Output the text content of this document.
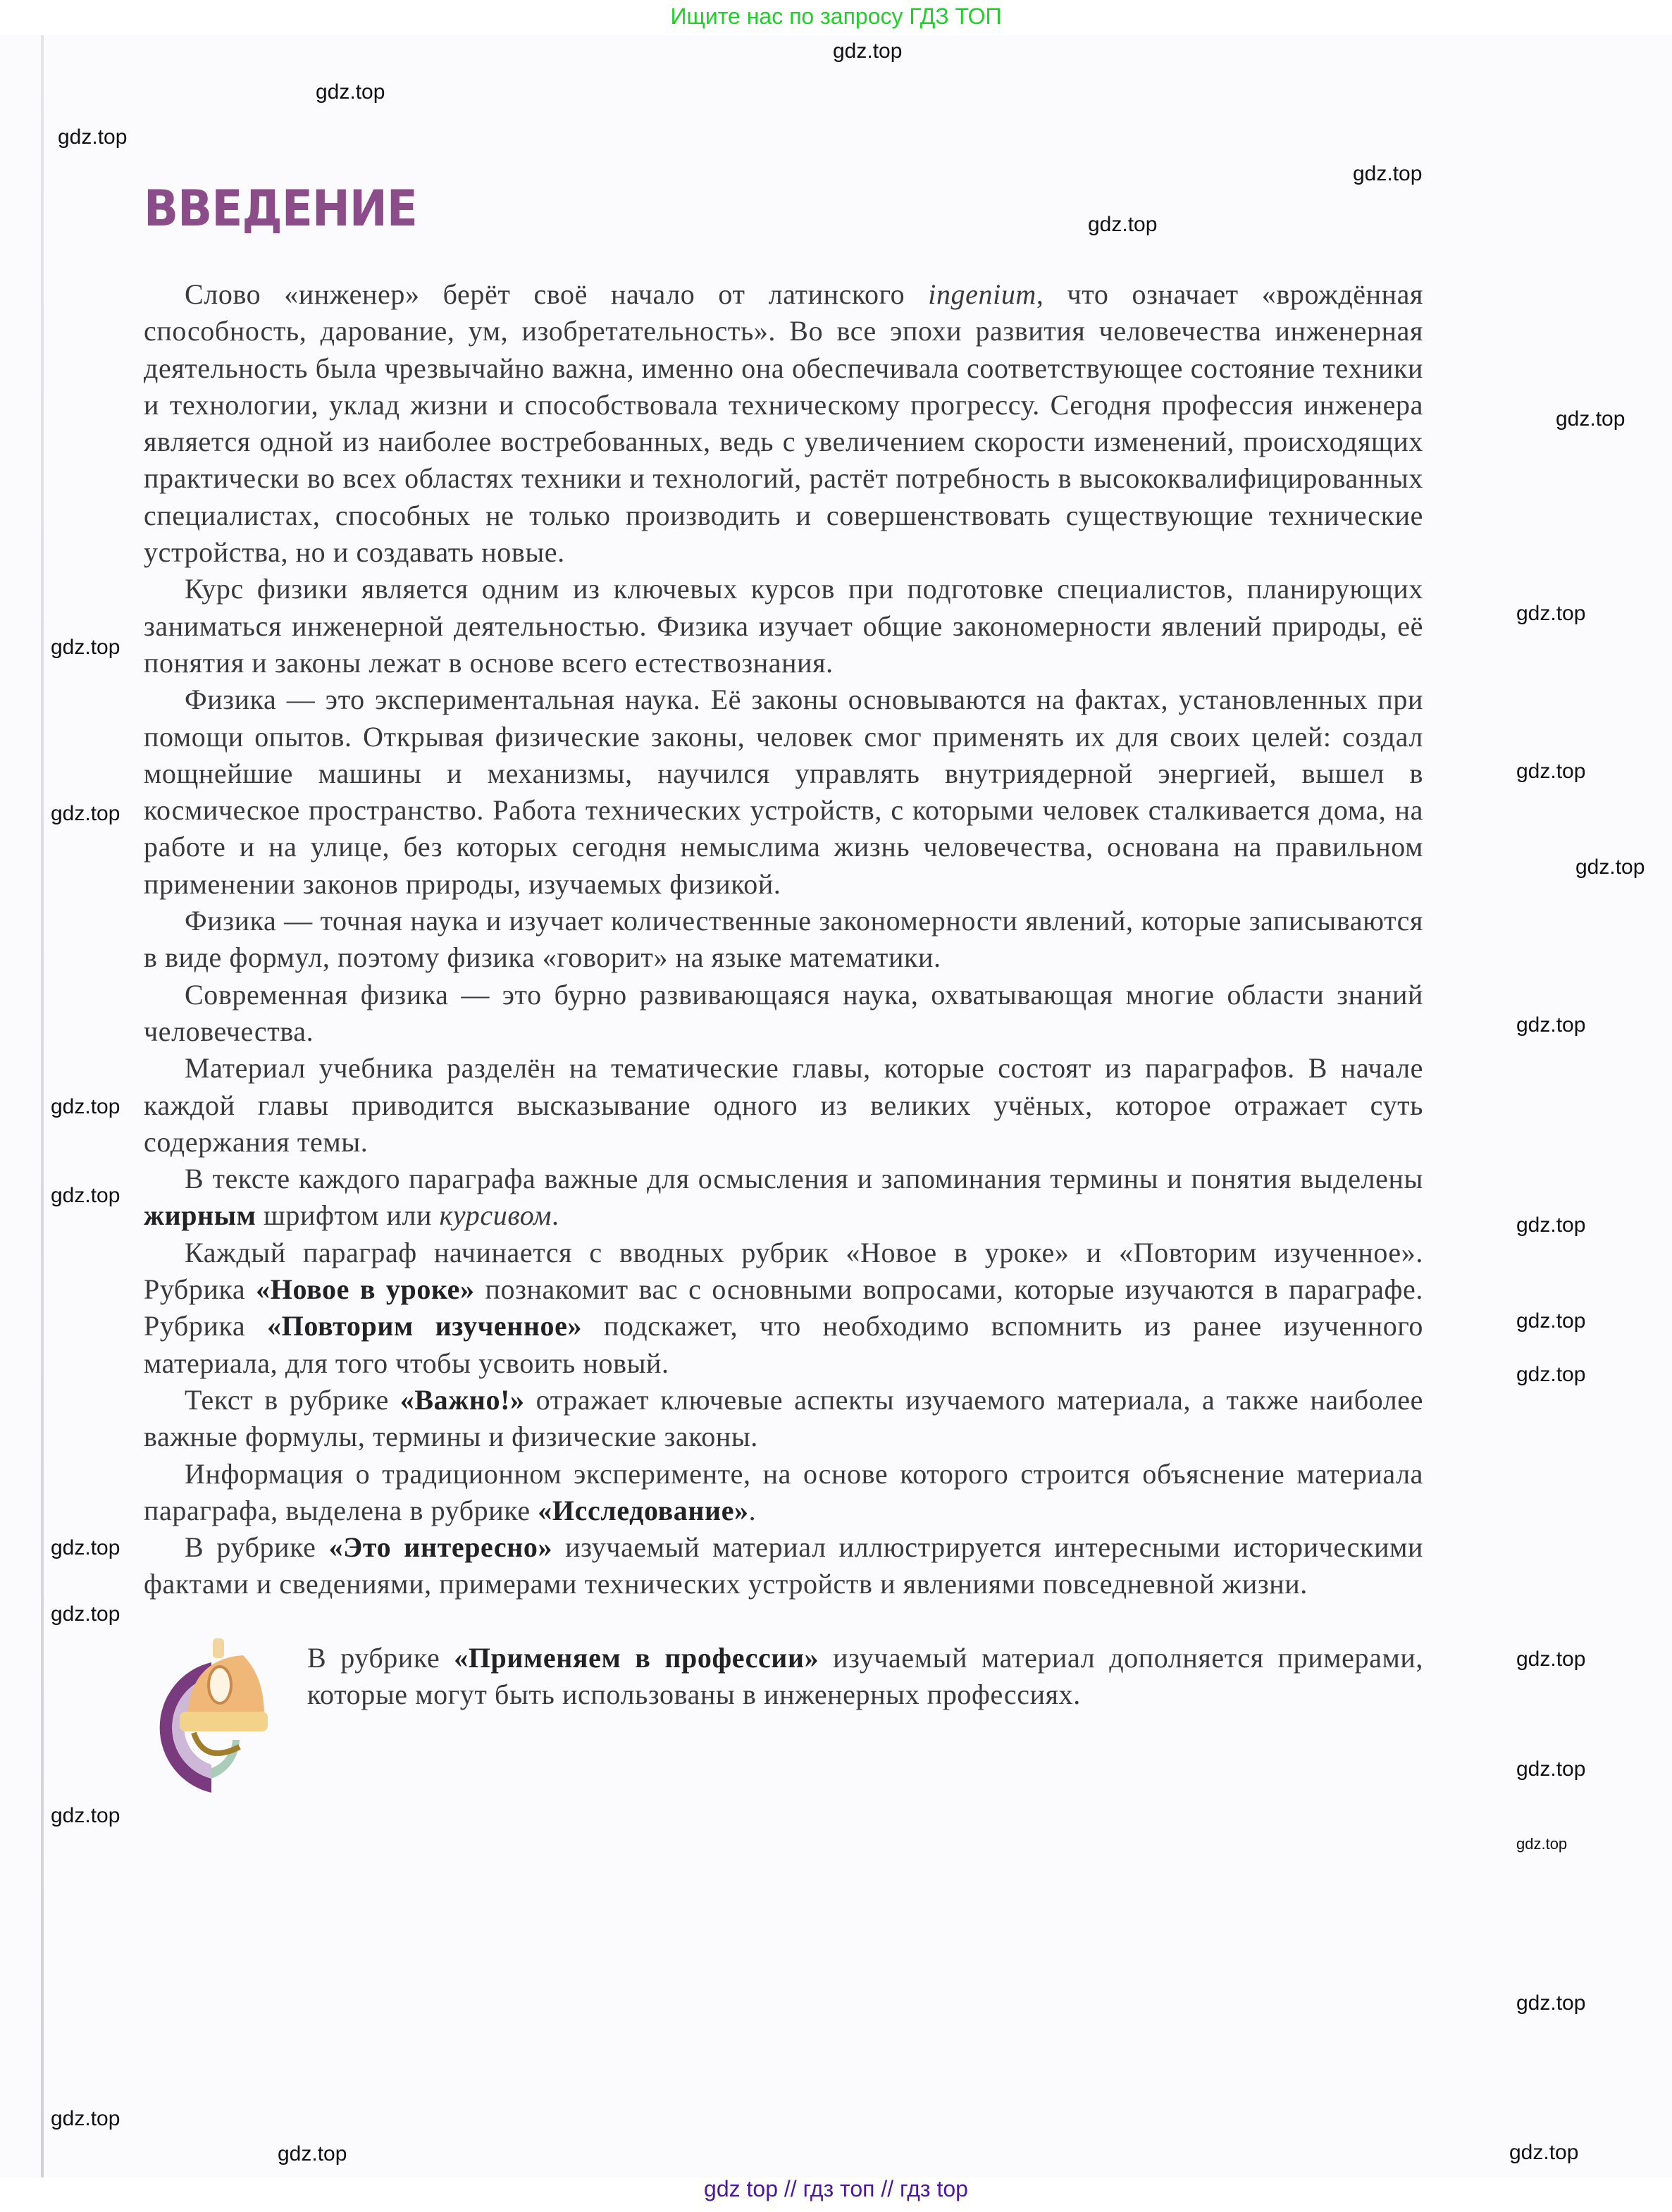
Ищите нас по запросу ГДЗ ТОП
ВВЕДЕНИЕ

Слово «инженер» берёт своё начало от латинского ingenium, что означает «врождённая способность, дарование, ум, изобретательность». Во все эпохи развития человечества инженерная деятельность была чрезвычайно важна, именно она обеспечивала соответствующее состояние техники и технологии, уклад жизни и способствовала техническому прогрессу. Сегодня профессия инженера является одной из наиболее востребованных, ведь с увеличением скорости изменений, происходящих практически во всех областях техники и технологий, растёт потребность в высококвалифицированных специалистах, способных не только производить и совершенствовать существующие технические устройства, но и создавать новые.

Курс физики является одним из ключевых курсов при подготовке специалистов, планирующих заниматься инженерной деятельностью. Физика изучает общие закономерности явлений природы, её понятия и законы лежат в основе всего естествознания.

Физика — это экспериментальная наука. Её законы основываются на фактах, установленных при помощи опытов. Открывая физические законы, человек смог применять их для своих целей: создал мощнейшие машины и механизмы, научился управлять внутриядерной энергией, вышел в космическое пространство. Работа технических устройств, с которыми человек сталкивается дома, на работе и на улице, без которых сегодня немыслима жизнь человечества, основана на правильном применении законов природы, изучаемых физикой.

Физика — точная наука и изучает количественные закономерности явлений, которые записываются в виде формул, поэтому физика «говорит» на языке математики.

Современная физика — это бурно развивающаяся наука, охватывающая многие области знаний человечества.

Материал учебника разделён на тематические главы, которые состоят из параграфов. В начале каждой главы приводится высказывание одного из великих учёных, которое отражает суть содержания темы.

В тексте каждого параграфа важные для осмысления и запоминания термины и понятия выделены жирным шрифтом или курсивом.

Каждый параграф начинается с вводных рубрик «Новое в уроке» и «Повторим изученное». Рубрика «Новое в уроке» познакомит вас с основными вопросами, которые изучаются в параграфе. Рубрика «Повторим изученное» подскажет, что необходимо вспомнить из ранее изученного материала, для того чтобы усвоить новый.

Текст в рубрике «Важно!» отражает ключевые аспекты изучаемого материала, а также наиболее важные формулы, термины и физические законы.

Информация о традиционном эксперименте, на основе которого строится объяснение материала параграфа, выделена в рубрике «Исследование».

В рубрике «Это интересно» изучаемый материал иллюстрируется интересными историческими фактами и сведениями, примерами технических устройств и явлениями повседневной жизни.

В рубрике «Применяем в профессии» изучаемый материал дополняется примерами, которые могут быть использованы в инженерных профессиях.

gdz.top
gdz.top
gdz.top
gdz.top
gdz.top
gdz.top
gdz.top
gdz.top
gdz.top
gdz.top
gdz.top
gdz.top
gdz.top
gdz.top
gdz.top
gdz.top
gdz.top
gdz.top
gdz.top
gdz.top
gdz.top
gdz.top
gdz.top
gdz.top
gdz.top
gdz.top
gdz.top
gdz top // гдз топ // гдз top
